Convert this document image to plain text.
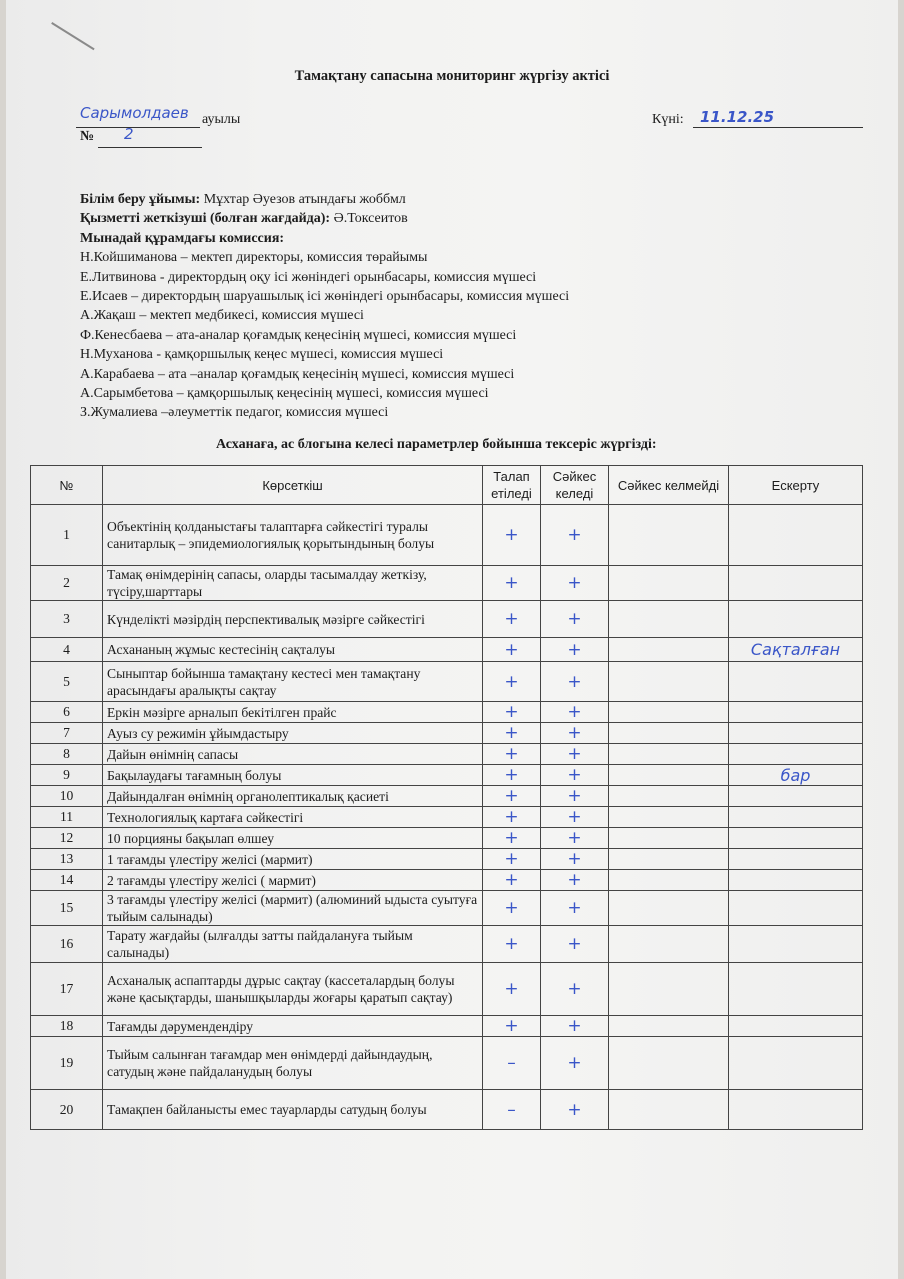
Тамақтану сапасына мониторинг жүргізу актісі
Сарымолдаев ауылы	Күні: 11.12.25
№ 2
Білім беру ұйымы: Мұхтар Әуезов атындағы жоббмл
Қызметті жеткізуші (болған жағдайда): Ә.Токсеитов
Мынадай құрамдағы комиссия:
Н.Койшиманова – мектеп директоры, комиссия төрайымы
Е.Литвинова - директордың оқу ісі жөніндегі орынбасары, комиссия мүшесі
Е.Исаев – директордың шаруашылық ісі жөніндегі орынбасары, комиссия мүшесі
А.Жақаш – мектеп медбикесі, комиссия мүшесі
Ф.Кенесбаева – ата-аналар қоғамдық кеңесінің мүшесі, комиссия мүшесі
Н.Муханова - қамқоршылық кеңес мүшесі, комиссия мүшесі
А.Карабаева – ата –аналар қоғамдық кеңесінің мүшесі, комиссия мүшесі
А.Сарымбетова – қамқоршылық кеңесінің мүшесі, комиссия мүшесі
З.Жумалиева –әлеуметтік педагог, комиссия мүшесі
Асханаға, ас блогына келесі параметрлер бойынша тексеріс жүргізді:
№	Көрсеткіш	Талап етіледі	Сәйкес келеді	Сәйкес келмейді	Ескерту
1	Объектінің қолданыстағы талаптарға сәйкестігі туралы санитарлық – эпидемиологиялық қорытындының болуы	+	+		
2	Тамақ өнімдерінің сапасы, оларды тасымалдау жеткізу, түсіру,шарттары	+	+		
3	Күнделікті мәзірдің перспективалық мәзірге сәйкестігі	+	+		
4	Асхананың жұмыс кестесінің сақталуы	+	+		Сақталған
5	Сыныптар бойынша тамақтану кестесі мен тамақтану арасындағы аралықты сақтау	+	+		
6	Еркін мәзірге арналып бекітілген прайс	+	+		
7	Ауыз су режимін ұйымдастыру	+	+		
8	Дайын өнімнің сапасы	+	+		
9	Бақылаудағы тағамның болуы	+	+		бар
10	Дайындалған өнімнің органолептикалық қасиеті	+	+		
11	Технологиялық картаға сәйкестігі	+	+		
12	10 порцияны бақылап өлшеу	+	+		
13	1 тағамды үлестіру желісі (мармит)	+	+		
14	2 тағамды үлестіру желісі ( мармит)	+	+		
15	3 тағамды үлестіру желісі (мармит) (алюминий ыдыста суытуға тыйым салынады)	+	+		
16	Тарату жағдайы (ылғалды затты пайдалануға тыйым салынады)	+	+		
17	Асханалық аспаптарды дұрыс сақтау (кассеталардың болуы және қасықтарды, шанышқыларды жоғары қаратып сақтау)	+	+		
18	Тағамды дәрумендендіру	+	+		
19	Тыйым салынған тағамдар мен өнімдерді дайындаудың, сатудың және пайдаланудың болуы	–	+		
20	Тамақпен байланысты емес тауарларды сатудың болуы	–	+		
